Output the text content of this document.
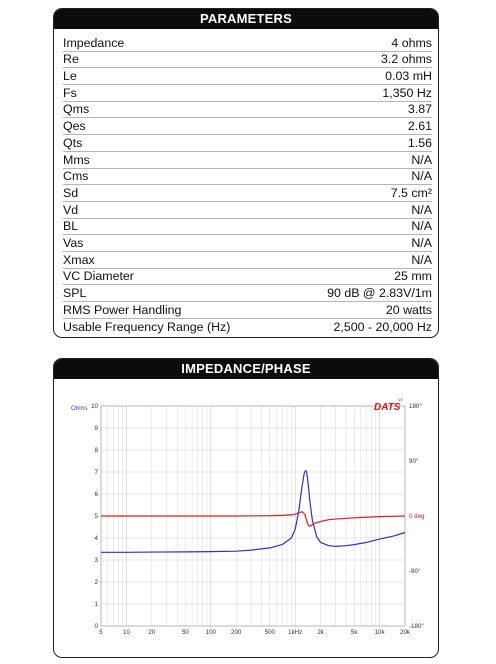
PARAMETERS
Impedance	4 ohms
Re	3.2 ohms
Le	0.03 mH
Fs	1,350 Hz
Qms	3.87
Qes	2.61
Qts	1.56
Mms	N/A
Cms	N/A
Sd	7.5 cm²
Vd	N/A
BL	N/A
Vas	N/A
Xmax	N/A
VC Diameter	25 mm
SPL	90 dB @ 2.83V/1m
RMS Power Handling	20 watts
Usable Frequency Range (Hz)	2,500 - 20,000 Hz
IMPEDANCE/PHASE
0
1
2
3
4
5
6
7
8
9
10
5	10	20	50	100 200	500 1kHz 2k	5k	10k 20k
180°
90°
0 deg
-90°
-180°
Ohms	DATS
V2
